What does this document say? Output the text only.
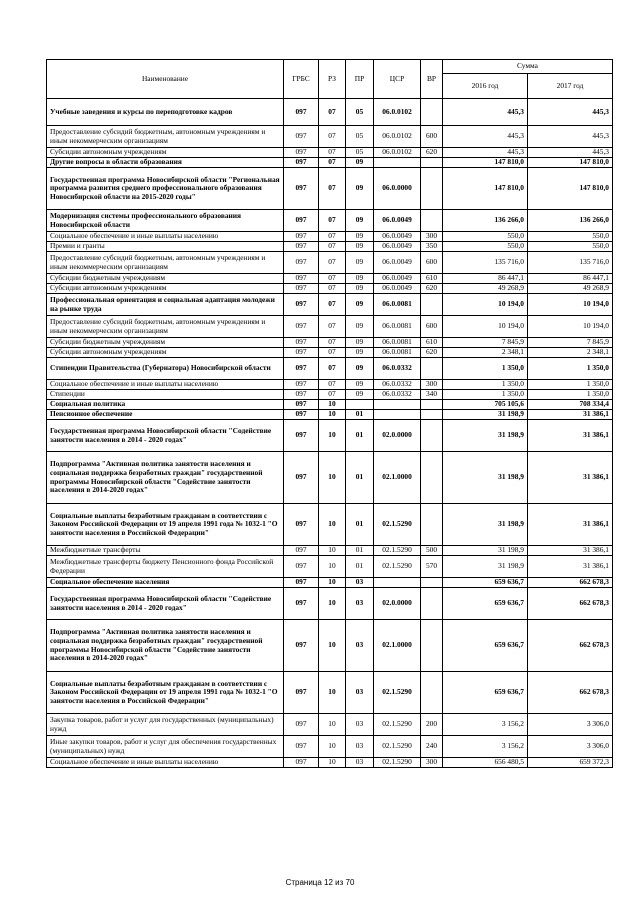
Наименование	ГРБС	РЗ	ПР	ЦСР	ВР	Сумма	
						2016 год	2017 год
Учебные заведения и курсы по переподготовке кадров	097	07	05	06.0.0102		445,3	445,3
Предоставление субсидий бюджетным, автономным учреждениям и иным некоммерческим организациям	097	07	05	06.0.0102	600	445,3	445,3
Субсидии автономным учреждениям	097	07	05	06.0.0102	620	445,3	445,3
Другие вопросы в области образования	097	07	09			147 810,0	147 810,0
Государственная программа Новосибирской области "Региональная программа развития среднего профессионального образования Новосибирской области на 2015-2020 годы"	097	07	09	06.0.0000		147 810,0	147 810,0
Модернизация системы профессионального образования Новосибирской области	097	07	09	06.0.0049		136 266,0	136 266,0
Социальное обеспечение и иные выплаты населению	097	07	09	06.0.0049	300	550,0	550,0
Премии и гранты	097	07	09	06.0.0049	350	550,0	550,0
Предоставление субсидий бюджетным, автономным учреждениям и иным некоммерческим организациям	097	07	09	06.0.0049	600	135 716,0	135 716,0
Субсидии бюджетным учреждениям	097	07	09	06.0.0049	610	86 447,1	86 447,1
Субсидии автономным учреждениям	097	07	09	06.0.0049	620	49 268,9	49 268,9
Профессиональная ориентация и социальная адаптация молодежи на рынке труда	097	07	09	06.0.0081		10 194,0	10 194,0
Предоставление субсидий бюджетным, автономным учреждениям и иным некоммерческим организациям	097	07	09	06.0.0081	600	10 194,0	10 194,0
Субсидии бюджетным учреждениям	097	07	09	06.0.0081	610	7 845,9	7 845,9
Субсидии автономным учреждениям	097	07	09	06.0.0081	620	2 348,1	2 348,1
Стипендии Правительства (Губернатора) Новосибирской области	097	07	09	06.0.0332		1 350,0	1 350,0
Социальное обеспечение и иные выплаты населению	097	07	09	06.0.0332	300	1 350,0	1 350,0
Стипендии	097	07	09	06.0.0332	340	1 350,0	1 350,0
Социальная политика	097	10				705 105,6	708 334,4
Пенсионное обеспечение	097	10	01			31 198,9	31 386,1
Государственная программа Новосибирской области "Содействие занятости населения в 2014 - 2020 годах"	097	10	01	02.0.0000		31 198,9	31 386,1
Подпрограмма "Активная политика занятости населения и социальная поддержка безработных граждан" государственной программы Новосибирской области "Содействие занятости населения в 2014-2020 годах"	097	10	01	02.1.0000		31 198,9	31 386,1
Социальные выплаты безработным гражданам в соответствии с Законом Российской Федерации от 19 апреля 1991 года № 1032-1 "О занятости населения в Российской Федерации"	097	10	01	02.1.5290		31 198,9	31 386,1
Межбюджетные трансферты	097	10	01	02.1.5290	500	31 198,9	31 386,1
Межбюджетные трансферты бюджету Пенсионного фонда Российской Федерации	097	10	01	02.1.5290	570	31 198,9	31 386,1
Социальное обеспечение населения	097	10	03			659 636,7	662 678,3
Государственная программа Новосибирской области "Содействие занятости населения в 2014 - 2020 годах"	097	10	03	02.0.0000		659 636,7	662 678,3
Подпрограмма "Активная политика занятости населения и социальная поддержка безработных граждан" государственной программы Новосибирской области "Содействие занятости населения в 2014-2020 годах"	097	10	03	02.1.0000		659 636,7	662 678,3
Социальные выплаты безработным гражданам в соответствии с Законом Российской Федерации от 19 апреля 1991 года № 1032-1 "О занятости населения в Российской Федерации"	097	10	03	02.1.5290		659 636,7	662 678,3
Закупка товаров, работ и услуг для государственных (муниципальных) нужд	097	10	03	02.1.5290	200	3 156,2	3 306,0
Иные закупки товаров, работ и услуг для обеспечения государственных (муниципальных) нужд	097	10	03	02.1.5290	240	3 156,2	3 306,0
Социальное обеспечение и иные выплаты населению	097	10	03	02.1.5290	300	656 480,5	659 372,3
Страница 12 из 70
